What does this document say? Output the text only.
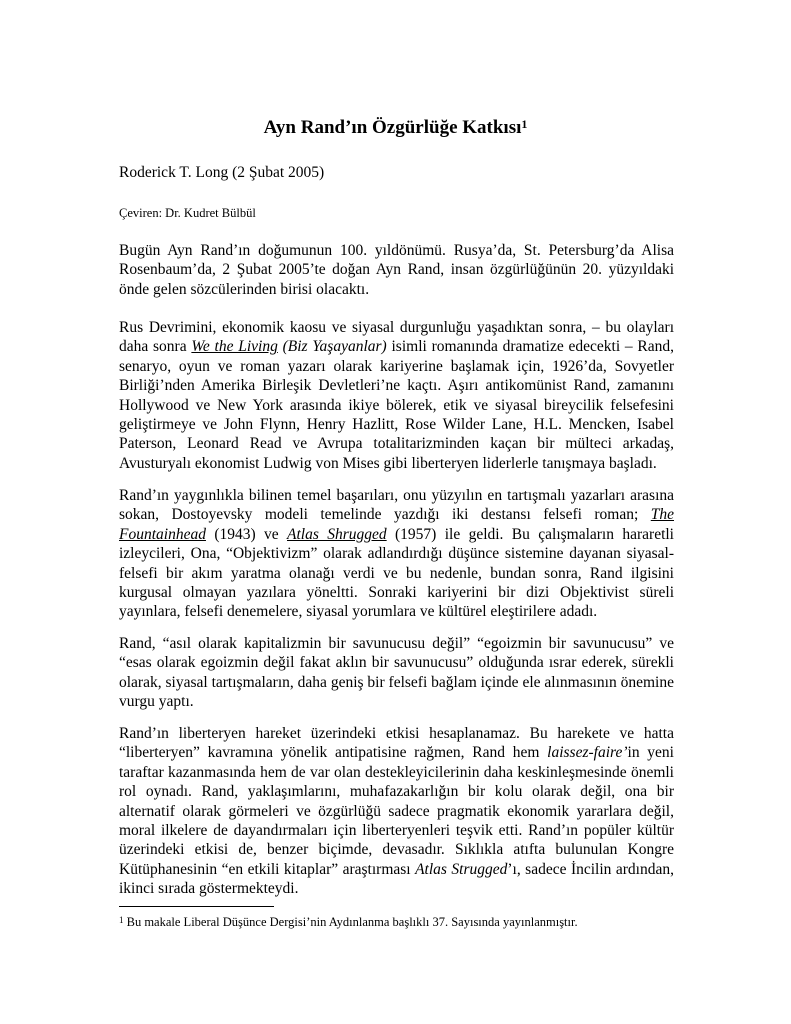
Ayn Rand’ın Özgürlüğe Katkısı$^1$
Roderick T. Long (2 Şubat 2005)
Çeviren: Dr. Kudret Bülbül

Bugün Ayn Rand’ın doğumunun 100. yıldönümü. Rusya’da, St. Petersburg’da Alisa Rosenbaum’da, 2 Şubat 2005’te doğan Ayn Rand, insan özgürlüğünün 20. yüzyıldaki önde gelen sözcülerinden birisi olacaktı.

Rus Devrimini, ekonomik kaosu ve siyasal durgunluğu yaşadıktan sonra, – bu olayları daha sonra We the Living (Biz Yaşayanlar) isimli romanında dramatize edecekti – Rand, senaryo, oyun ve roman yazarı olarak kariyerine başlamak için, 1926’da, Sovyetler Birliği’nden Amerika Birleşik Devletleri’ne kaçtı. Aşırı antikomünist Rand, zamanını Hollywood ve New York arasında ikiye bölerek, etik ve siyasal bireycilik felsefesini geliştirmeye ve John Flynn, Henry Hazlitt, Rose Wilder Lane, H.L. Mencken, Isabel Paterson, Leonard Read ve Avrupa totalitarizminden kaçan bir mülteci arkadaş, Avusturyalı ekonomist Ludwig von Mises gibi liberteryen liderlerle tanışmaya başladı.

Rand’ın yaygınlıkla bilinen temel başarıları, onu yüzyılın en tartışmalı yazarları arasına sokan, Dostoyevsky modeli temelinde yazdığı iki destansı felsefi roman; The Fountainhead (1943) ve Atlas Shrugged (1957) ile geldi. Bu çalışmaların hararetli izleycileri, Ona, “Objektivizm” olarak adlandırdığı düşünce sistemine dayanan siyasal-felsefi bir akım yaratma olanağı verdi ve bu nedenle, bundan sonra, Rand ilgisini kurgusal olmayan yazılara yöneltti. Sonraki kariyerini bir dizi Objektivist süreli yayınlara, felsefi denemelere, siyasal yorumlara ve kültürel eleştirilere adadı.

Rand, “asıl olarak kapitalizmin bir savunucusu değil” “egoizmin bir savunucusu” ve “esas olarak egoizmin değil fakat aklın bir savunucusu” olduğunda ısrar ederek, sürekli olarak, siyasal tartışmaların, daha geniş bir felsefi bağlam içinde ele alınmasının önemine vurgu yaptı.

Rand’ın liberteryen hareket üzerindeki etkisi hesaplanamaz. Bu harekete ve hatta “liberteryen” kavramına yönelik antipatisine rağmen, Rand hem laissez-faire’in yeni taraftar kazanmasında hem de var olan destekleyicilerinin daha keskinleşmesinde önemli rol oynadı. Rand, yaklaşımlarını, muhafazakarlığın bir kolu olarak değil, ona bir alternatif olarak görmeleri ve özgürlüğü sadece pragmatik ekonomik yararlara değil, moral ilkelere de dayandırmaları için liberteryenleri teşvik etti. Rand’ın popüler kültür üzerindeki etkisi de, benzer biçimde, devasadır. Sıklıkla atıfta bulunulan Kongre Kütüphanesinin “en etkili kitaplar” araştırması Atlas Strugged’ı, sadece İncilin ardından, ikinci sırada göstermekteydi.

$^1$ Bu makale Liberal Düşünce Dergisi’nin Aydınlanma başlıklı 37. Sayısında yayınlanmıştır.
